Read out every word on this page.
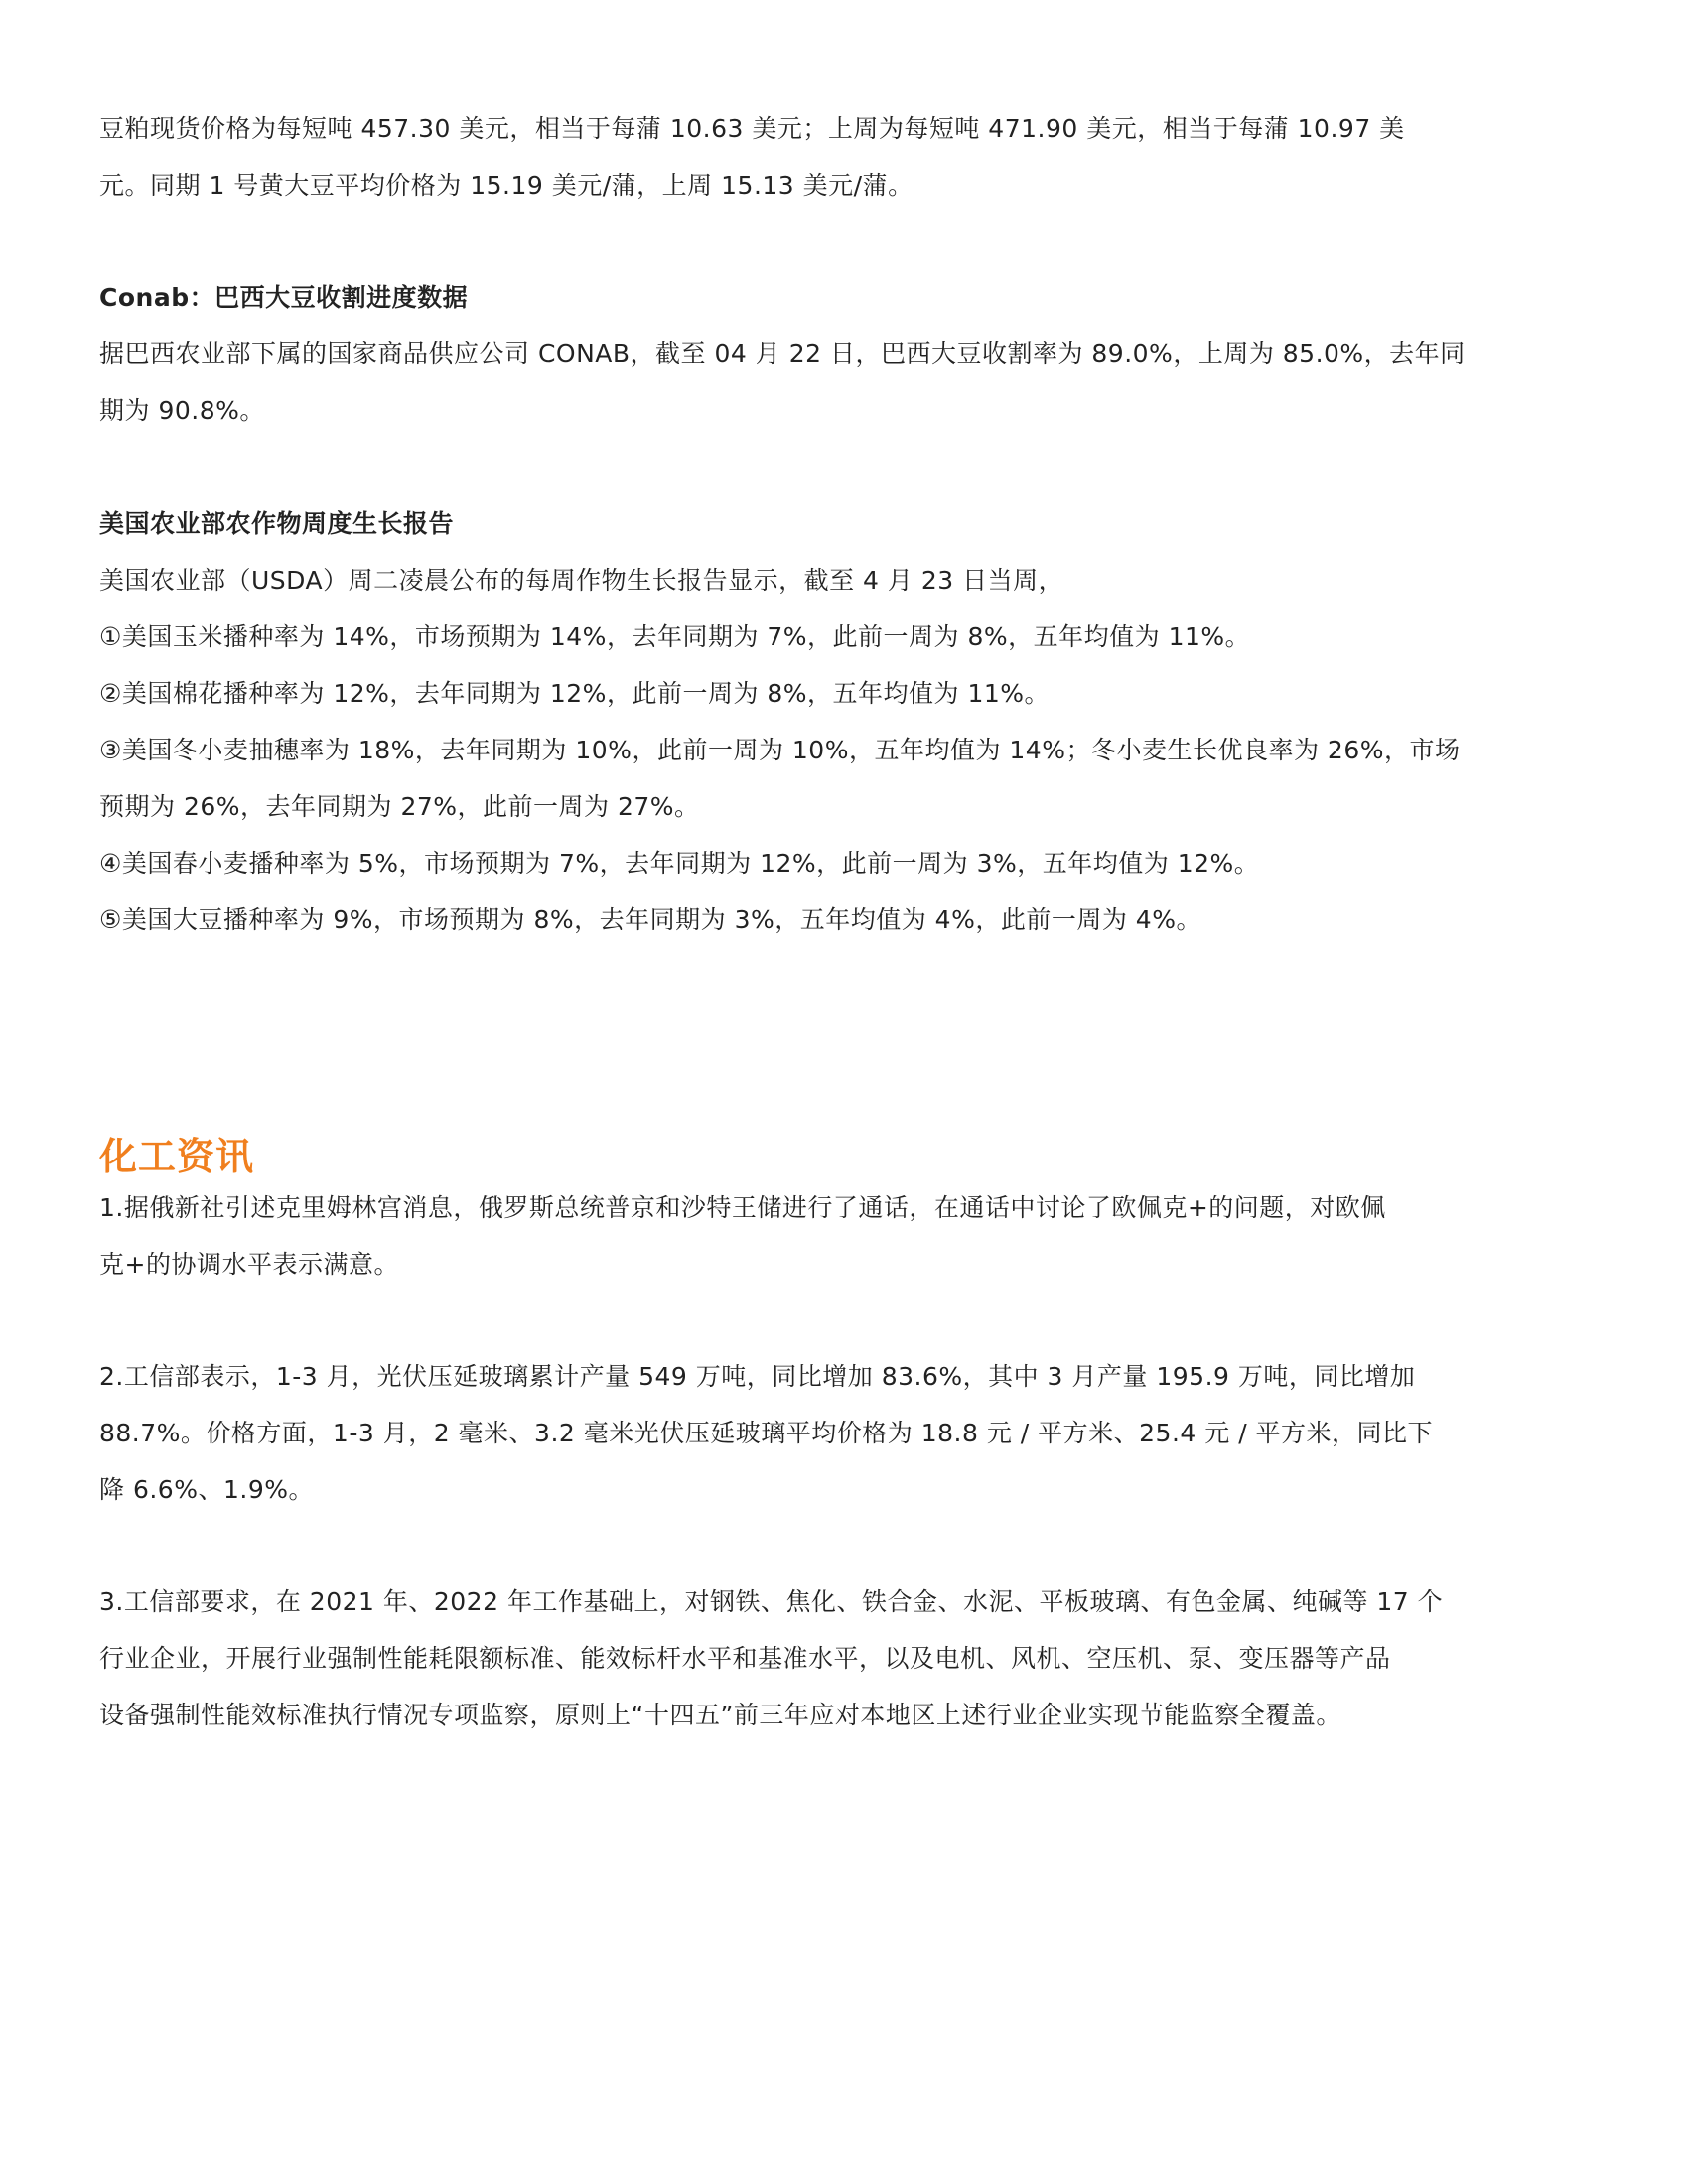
豆粕现货价格为每短吨 457.30 美元，相当于每蒲 10.63 美元；上周为每短吨 471.90 美元，相当于每蒲 10.97 美
元。同期 1 号黄大豆平均价格为 15.19 美元/蒲，上周 15.13 美元/蒲。
Conab：巴西大豆收割进度数据
据巴西农业部下属的国家商品供应公司 CONAB，截至 04 月 22 日，巴西大豆收割率为 89.0%，上周为 85.0%，去年同
期为 90.8%。
美国农业部农作物周度生长报告
美国农业部（USDA）周二凌晨公布的每周作物生长报告显示，截至 4 月 23 日当周，
①美国玉米播种率为 14%，市场预期为 14%，去年同期为 7%，此前一周为 8%，五年均值为 11%。
②美国棉花播种率为 12%，去年同期为 12%，此前一周为 8%，五年均值为 11%。
③美国冬小麦抽穗率为 18%，去年同期为 10%，此前一周为 10%，五年均值为 14%；冬小麦生长优良率为 26%，市场
预期为 26%，去年同期为 27%，此前一周为 27%。
④美国春小麦播种率为 5%，市场预期为 7%，去年同期为 12%，此前一周为 3%，五年均值为 12%。
⑤美国大豆播种率为 9%，市场预期为 8%，去年同期为 3%，五年均值为 4%，此前一周为 4%。
化工资讯
1.据俄新社引述克里姆林宫消息，俄罗斯总统普京和沙特王储进行了通话，在通话中讨论了欧佩克+的问题，对欧佩
克+的协调水平表示满意。
2.工信部表示，1-3 月，光伏压延玻璃累计产量 549 万吨，同比增加 83.6%，其中 3 月产量 195.9 万吨，同比增加
88.7%。价格方面，1-3 月，2 毫米、3.2 毫米光伏压延玻璃平均价格为 18.8 元 / 平方米、25.4 元 / 平方米，同比下
降 6.6%、1.9%。
3.工信部要求，在 2021 年、2022 年工作基础上，对钢铁、焦化、铁合金、水泥、平板玻璃、有色金属、纯碱等 17 个
行业企业，开展行业强制性能耗限额标准、能效标杆水平和基准水平，以及电机、风机、空压机、泵、变压器等产品
设备强制性能效标准执行情况专项监察，原则上“十四五”前三年应对本地区上述行业企业实现节能监察全覆盖。
